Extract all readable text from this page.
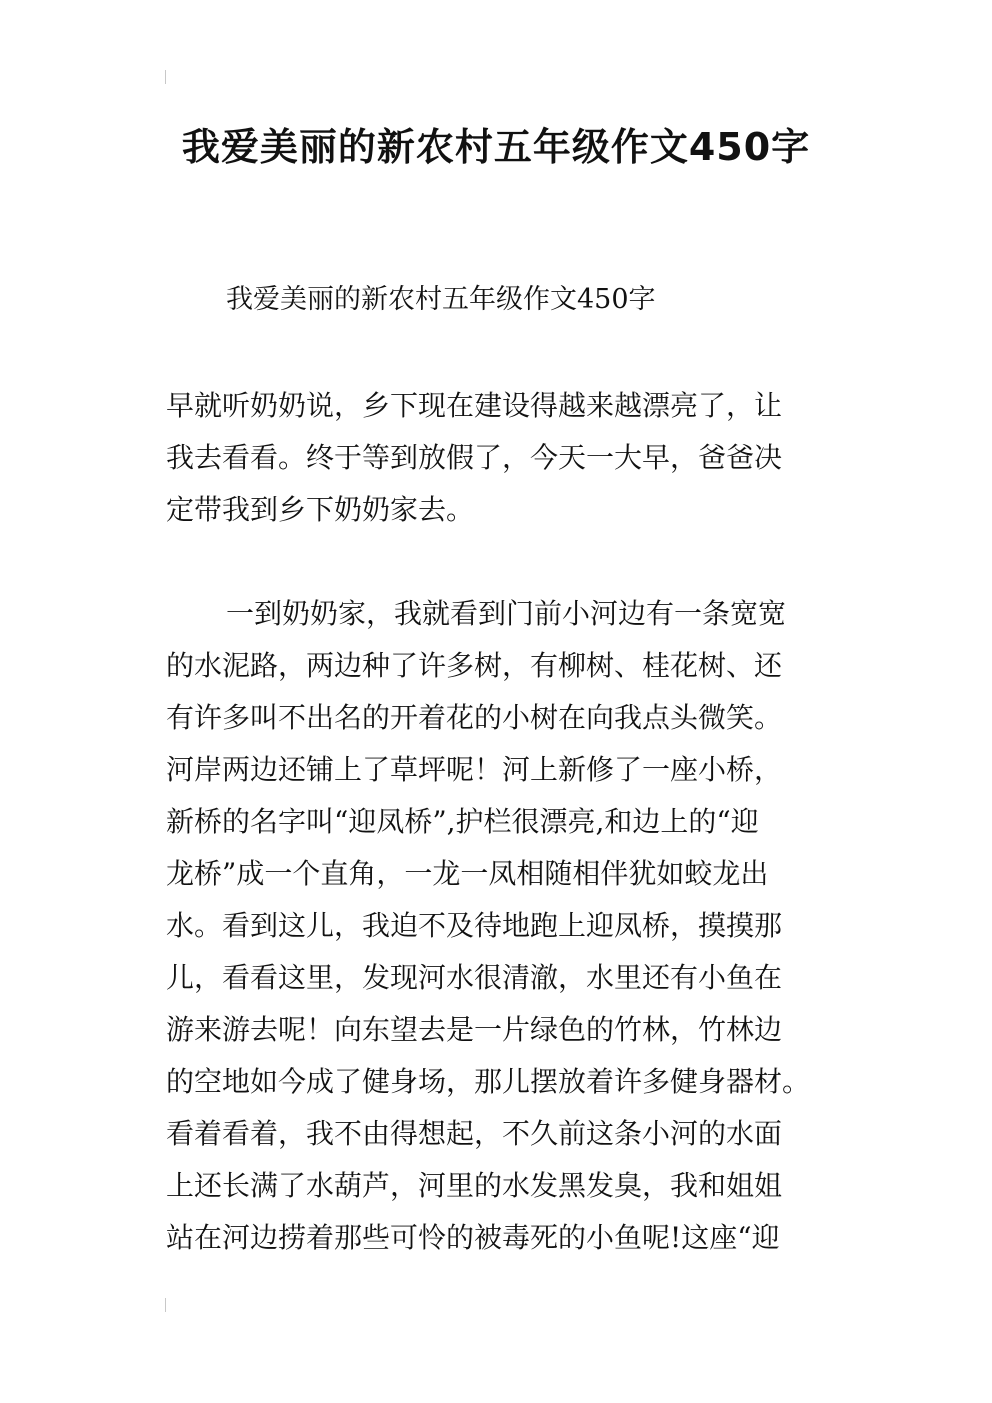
我爱美丽的新农村五年级作文450字

我爱美丽的新农村五年级作文450字

早就听奶奶说，乡下现在建设得越来越漂亮了，让

我去看看。终于等到放假了，今天一大早，爸爸决

定带我到乡下奶奶家去。

一到奶奶家，我就看到门前小河边有一条宽宽

的水泥路，两边种了许多树，有柳树、桂花树、还

有许多叫不出名的开着花的小树在向我点头微笑。

河岸两边还铺上了草坪呢！河上新修了一座小桥，

新桥的名字叫“迎凤桥”,护栏很漂亮,和边上的“迎

龙桥”成一个直角，一龙一凤相随相伴犹如蛟龙出

水。看到这儿，我迫不及待地跑上迎凤桥，摸摸那

儿，看看这里，发现河水很清澈，水里还有小鱼在

游来游去呢！向东望去是一片绿色的竹林，竹林边

的空地如今成了健身场，那儿摆放着许多健身器材。

看着看着，我不由得想起，不久前这条小河的水面

上还长满了水葫芦，河里的水发黑发臭，我和姐姐

站在河边捞着那些可怜的被毒死的小鱼呢!这座“迎
